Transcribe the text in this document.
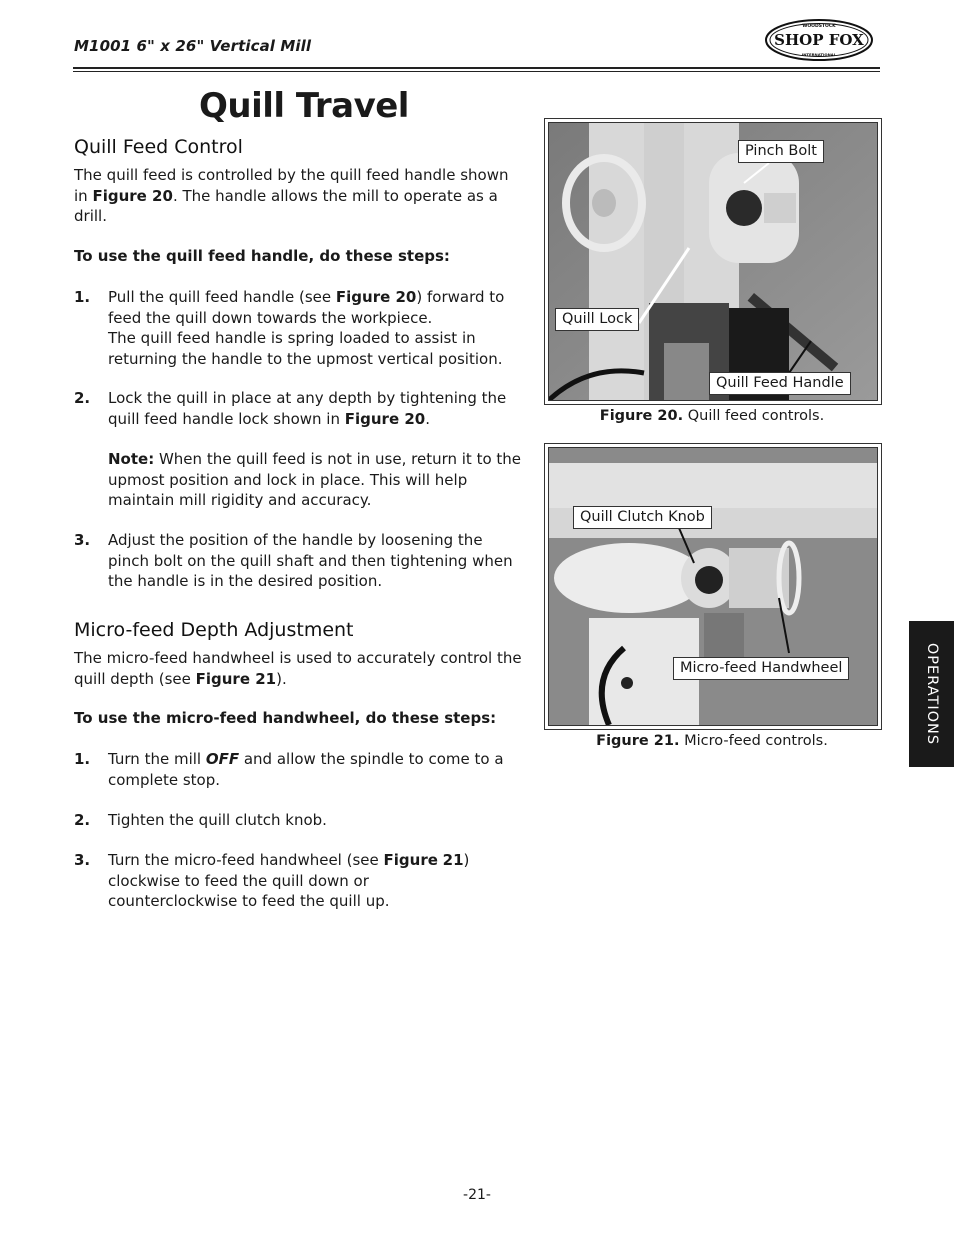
M1001 6" x 26" Vertical Mill
WOODSTOCK
SHOP FOX
INTERNATIONAL
Quill Travel
Quill Feed Control
The quill feed is controlled by the quill feed handle shown in Figure 20. The handle allows the mill to operate as a drill.
To use the quill feed handle, do these steps:
1. Pull the quill feed handle (see Figure 20) forward to feed the quill down towards the workpiece.
The quill feed handle is spring loaded to assist in returning the handle to the upmost vertical position.
2. Lock the quill in place at any depth by tightening the quill feed handle lock shown in Figure 20.
Note: When the quill feed is not in use, return it to the upmost position and lock in place. This will help maintain mill rigidity and accuracy.
3. Adjust the position of the handle by loosening the pinch bolt on the quill shaft and then tightening when the handle is in the desired position.
Micro-feed Depth Adjustment
The micro-feed handwheel is used to accurately control the quill depth (see Figure 21).
To use the micro-feed handwheel, do these steps:
1. Turn the mill OFF and allow the spindle to come to a complete stop.
2. Tighten the quill clutch knob.
3. Turn the micro-feed handwheel (see Figure 21) clockwise to feed the quill down or counterclockwise to feed the quill up.
Pinch Bolt
Quill Lock
Quill Feed Handle
Figure 20. Quill feed controls.
Quill Clutch Knob
Micro-feed Handwheel
Figure 21. Micro-feed controls.	OPERATIONS
-21-
